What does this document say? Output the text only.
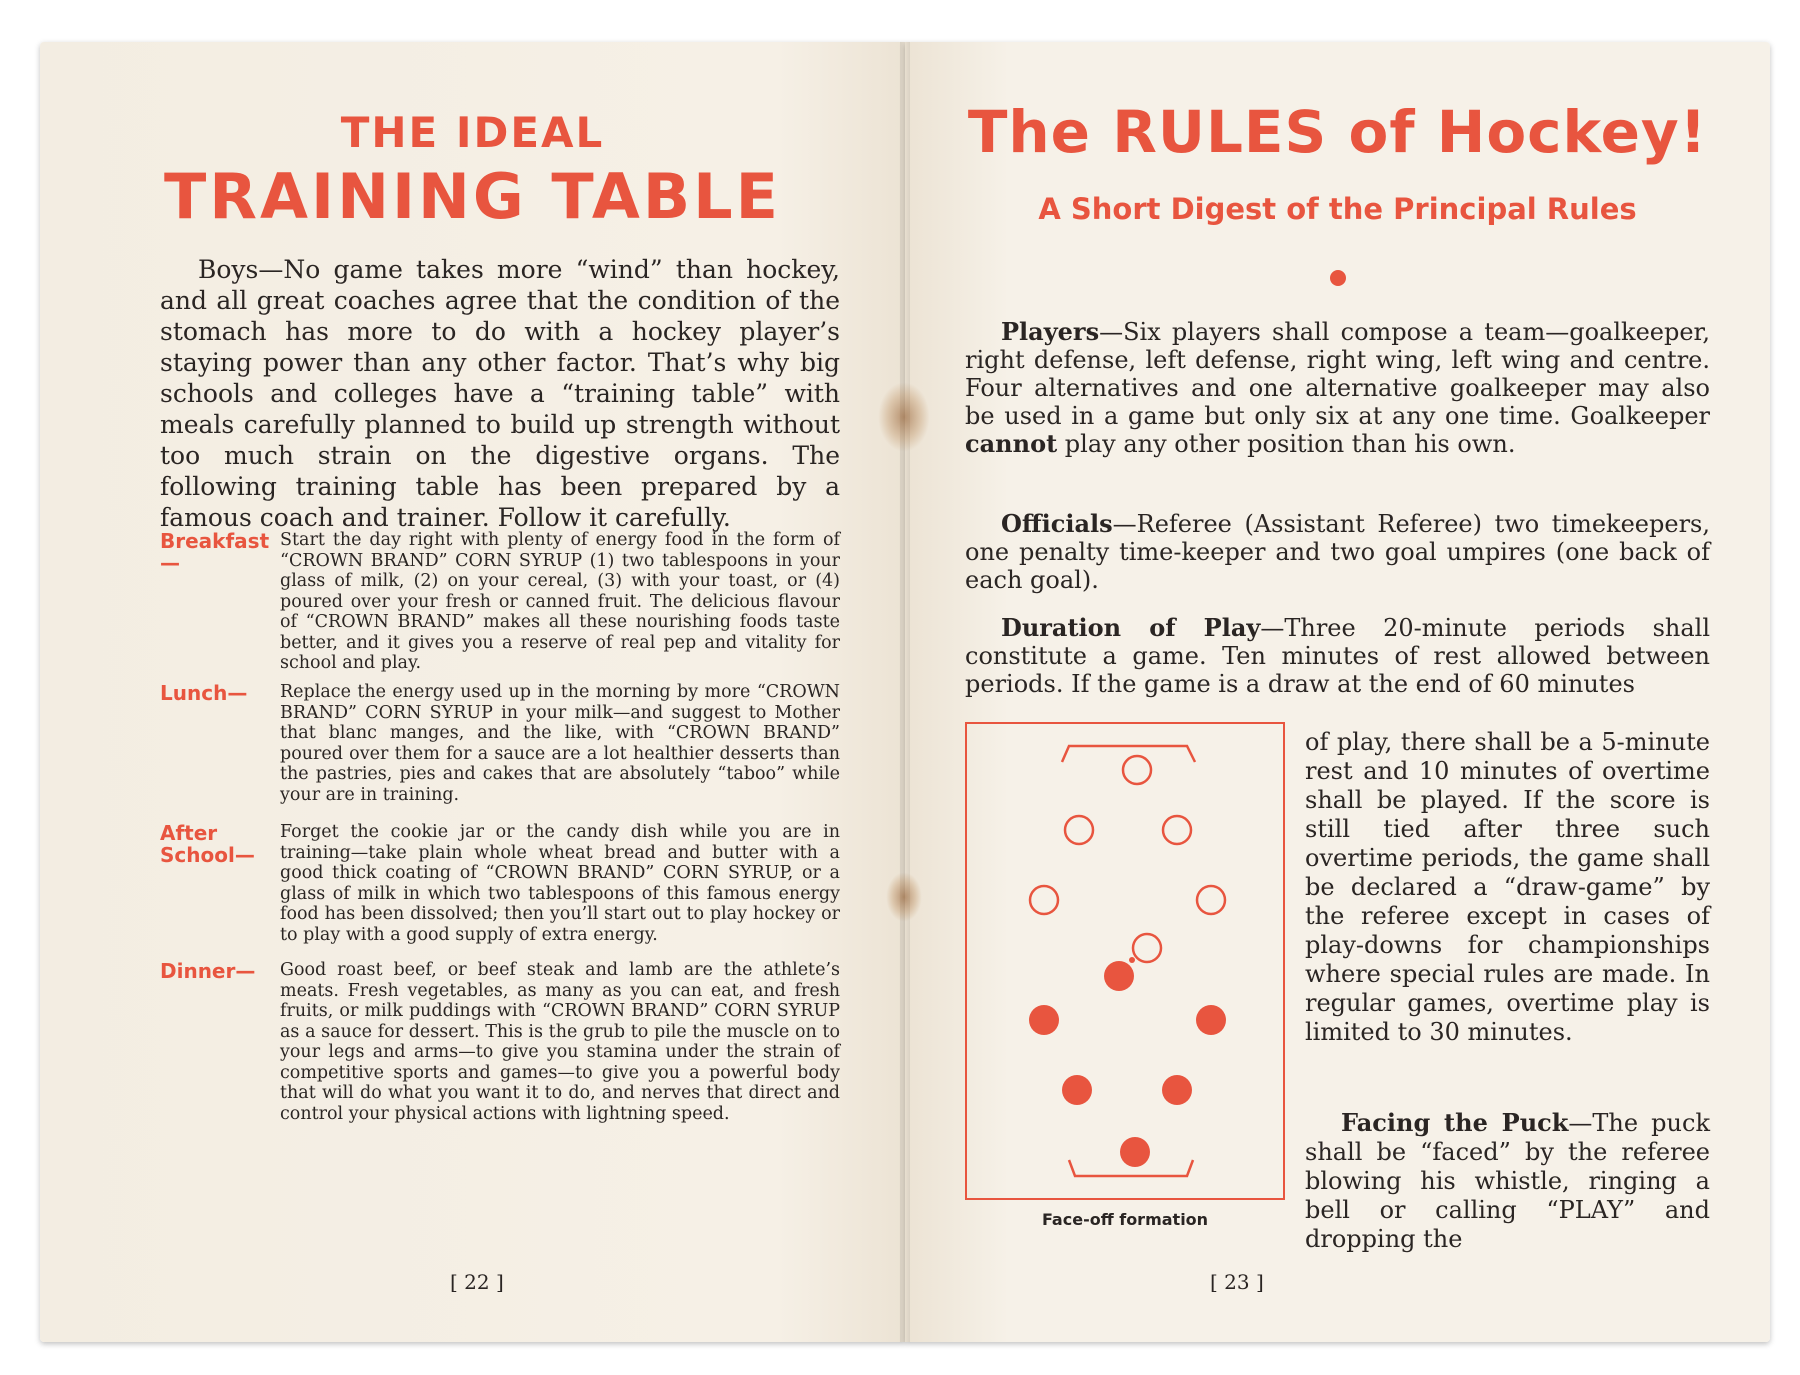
THE IDEAL
TRAINING TABLE

Boys—No game takes more “wind” than hockey, and all great coaches agree that the condition of the stomach has more to do with a hockey player’s staying power than any other factor. That’s why big schools and colleges have a “training table” with meals carefully planned to build up strength without too much strain on the digestive organs. The following training table has been prepared by a famous coach and trainer. Follow it carefully.

Breakfast—

Start the day right with plenty of energy food in the form of “CROWN BRAND” CORN SYRUP (1) two tablespoons in your glass of milk, (2) on your cereal, (3) with your toast, or (4) poured over your fresh or canned fruit. The delicious flavour of “CROWN BRAND” makes all these nourishing foods taste better, and it gives you a reserve of real pep and vitality for school and play.

Lunch—	Replace the energy used up in the morning by more “CROWN BRAND” CORN SYRUP in your milk—and suggest to Mother that blanc manges, and the like, with “CROWN BRAND” poured over them for a sauce are a lot healthier desserts than the pastries, pies and cakes that are absolutely “taboo” while your are in training.

After School—

Forget the cookie jar or the candy dish while you are in training—take plain whole wheat bread and butter with a good thick coating of “CROWN BRAND” CORN SYRUP, or a glass of milk in which two tablespoons of this famous energy food has been dissolved; then you’ll start out to play hockey or to play with a good supply of extra energy.

Dinner—	Good roast beef, or beef steak and lamb are the athlete’s meats. Fresh vegetables, as many as you can eat, and fresh fruits, or milk puddings with “CROWN BRAND” CORN SYRUP as a sauce for dessert. This is the grub to pile the muscle on to your legs and arms—to give you stamina under the strain of competitive sports and games—to give you a powerful body that will do what you want it to do, and nerves that direct and control your physical actions with lightning speed.

[ 22 ]
The RULES of Hockey!
A Short Digest of the Principal Rules

Players—Six players shall compose a team—goalkeeper, right defense, left defense, right wing, left wing and centre. Four alternatives and one alternative goalkeeper may also be used in a game but only six at any one time. Goalkeeper cannot play any other position than his own.

Officials—Referee (Assistant Referee) two timekeepers, one penalty time-keeper and two goal umpires (one back of each goal).

Duration of Play—Three 20-minute periods shall constitute a game. Ten minutes of rest allowed between periods. If the game is a draw at the end of 60 minutes

of play, there shall be a 5-minute rest and 10 minutes of overtime shall be played. If the score is still tied after three such overtime periods, the game shall be declared a “draw-game” by the referee except in cases of play-downs for championships where special rules are made. In regular games, overtime play is limited to 30 minutes.

Facing the Puck—The puck shall be “faced” by the referee blowing his whistle, ringing a bell or calling “PLAY” and dropping the

Face-off formation
[ 23 ]
